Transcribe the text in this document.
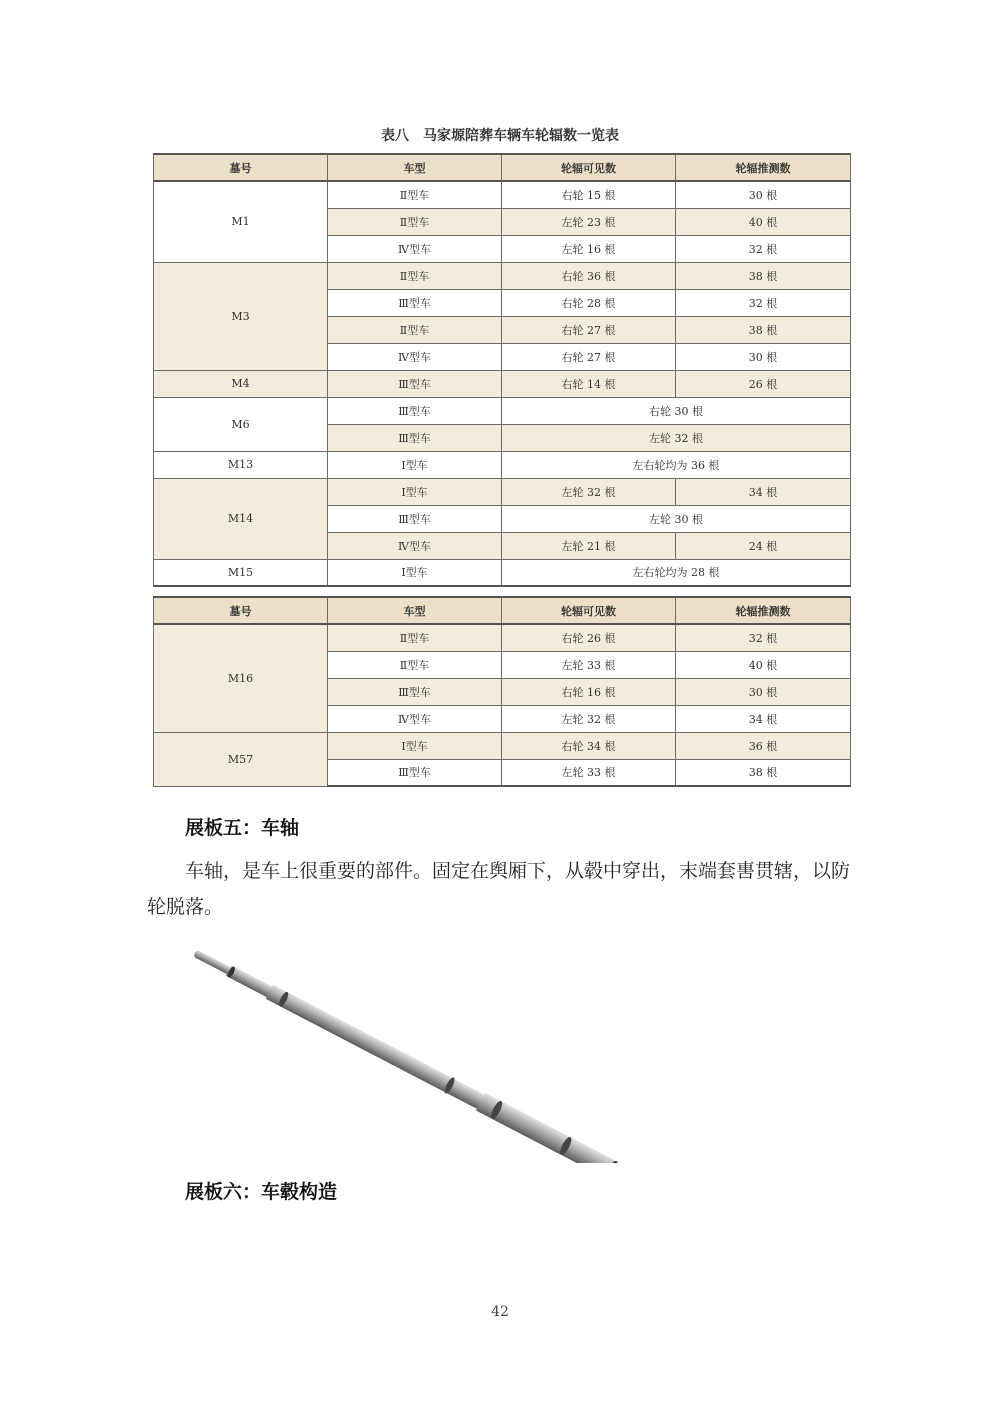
表八　马家塬陪葬车辆车轮辐数一览表
墓号	车型	轮辐可见数	轮辐推测数
M1	Ⅱ型车	右轮 15 根	30 根
	Ⅱ型车	左轮 23 根	40 根
	Ⅳ型车	左轮 16 根	32 根
M3	Ⅱ型车	右轮 36 根	38 根
	Ⅲ型车	右轮 28 根	32 根
	Ⅱ型车	右轮 27 根	38 根
	Ⅳ型车	右轮 27 根	30 根
M4	Ⅲ型车	右轮 14 根	26 根
M6	Ⅲ型车	右轮 30 根	
	Ⅲ型车	左轮 32 根	
M13	Ⅰ型车	左右轮均为 36 根	
M14	Ⅰ型车	左轮 32 根	34 根
	Ⅲ型车	左轮 30 根	
	Ⅳ型车	左轮 21 根	24 根
M15	Ⅰ型车	左右轮均为 28 根	
墓号	车型	轮辐可见数	轮辐推测数
M16	Ⅱ型车	右轮 26 根	32 根
	Ⅱ型车	左轮 33 根	40 根
	Ⅲ型车	右轮 16 根	30 根
	Ⅳ型车	左轮 32 根	34 根
M57	Ⅰ型车	右轮 34 根	36 根
	Ⅲ型车	左轮 33 根	38 根
展板五：车轴
车轴，是车上很重要的部件。固定在舆厢下，从毂中穿出，末端套軎贯辖，以防轮脱落。
展板六：车毂构造
42
